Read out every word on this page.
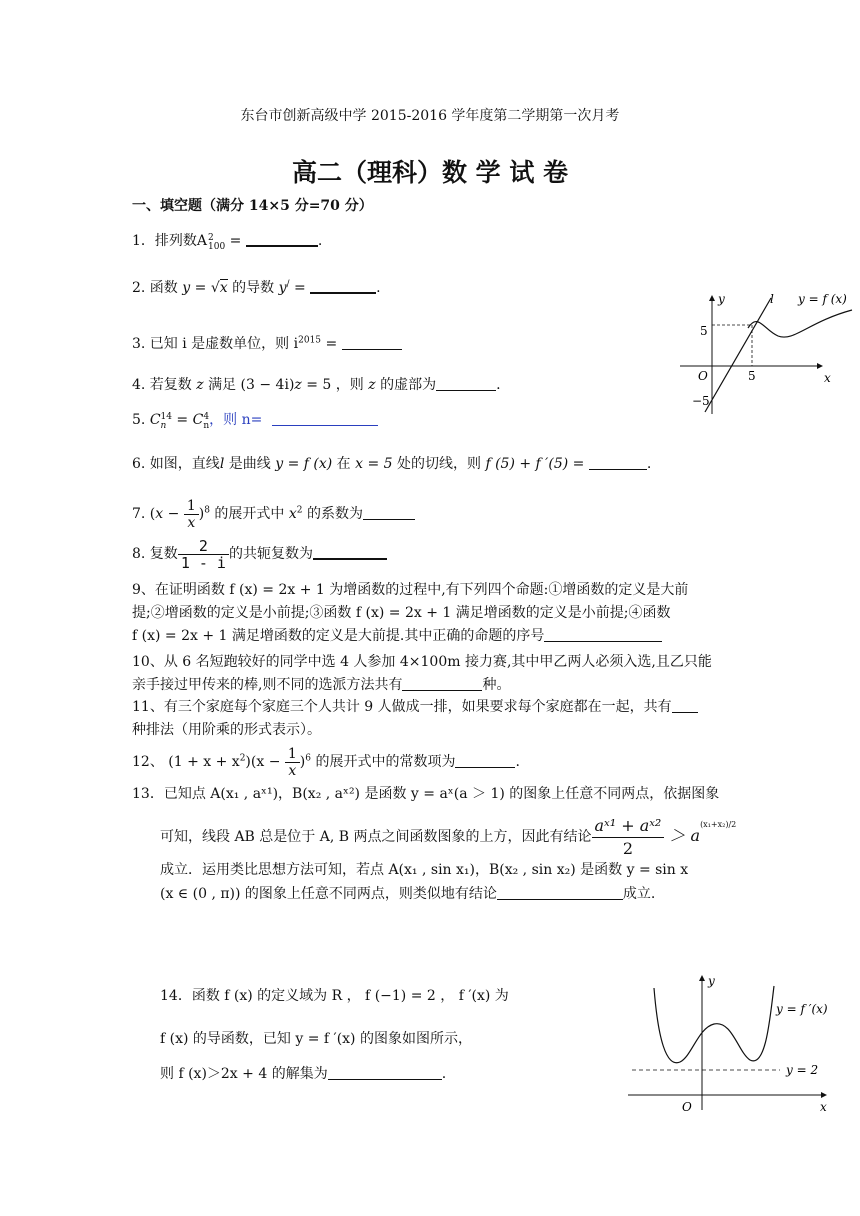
东台市创新高级中学 2015-2016 学年度第二学期第一次月考
高二（理科）数 学 试 卷
一、填空题（满分 14×5 分=70 分）
1．排列数A 2
100 =	.
2. 函数 y = √x 的导数 y/ =	.
3. 已知 i 是虚数单位，则 $i^{2015}$ =
4. 若复数 z 满足 (3 − 4i)z = 5 ，则 z 的虚部为	.
5. C 14
n = C 4
n ，则 n=
6. 如图，直线l 是曲线 y = f (x) 在 x = 5 处的切线，则 f (5) + f ′(5) =	.
7. $(x - \frac{1}{x} )^8$ 的展开式中 $x^2$ 的系数为
8. 复数 $\frac{2}{1 - i}$ 的共轭复数为
9、在证明函数 f (x) = 2x + 1 为增函数的过程中,有下列四个命题:①增函数的定义是大前
提;②增函数的定义是小前提;③函数 f (x) = 2x + 1 满足增函数的定义是小前提;④函数
f (x) = 2x + 1 满足增函数的定义是大前提.其中正确的命题的序号
10、从 6 名短跑较好的同学中选 4 人参加 4×100m 接力赛,其中甲乙两人必须入选,且乙只能
亲手接过甲传来的棒,则不同的选派方法共有	种。
11、有三个家庭每个家庭三个人共计 9 人做成一排，如果要求每个家庭都在一起，共有
种排法（用阶乘的形式表示）。
12、 $(1 + x + x^2)(x - \frac{1}{x} )^6$ 的展开式中的常数项为	.
13．已知点 A(x₁ , aˣ¹)，B(x₂ , aˣ²) 是函数 y = aˣ(a ＞ 1) 的图象上任意不同两点，依据图象
可知，线段 AB 总是位于 A, B 两点之间函数图象的上方，因此有结论 $\frac{\text{aˣ¹ + aˣ²}}{2} > a^{(x_1+x_2)/2}$
成立．运用类比思想方法可知，若点 A(x₁ , sin x₁)，B(x₂ , sin x₂) 是函数 y = sin x
(x ∈ (0 , π)) 的图象上任意不同两点，则类似地有结论	成立.
14．函数 f (x) 的定义域为 R ， f (−1) = 2 ， f ′(x) 为
f (x) 的导函数，已知 y = f ′(x) 的图象如图所示，
则 f (x)＞2x + 4 的解集为	.
y
x
O
l y = f (x)
5
5
−5
y
x
O
y = f ′(x)
y = 2
